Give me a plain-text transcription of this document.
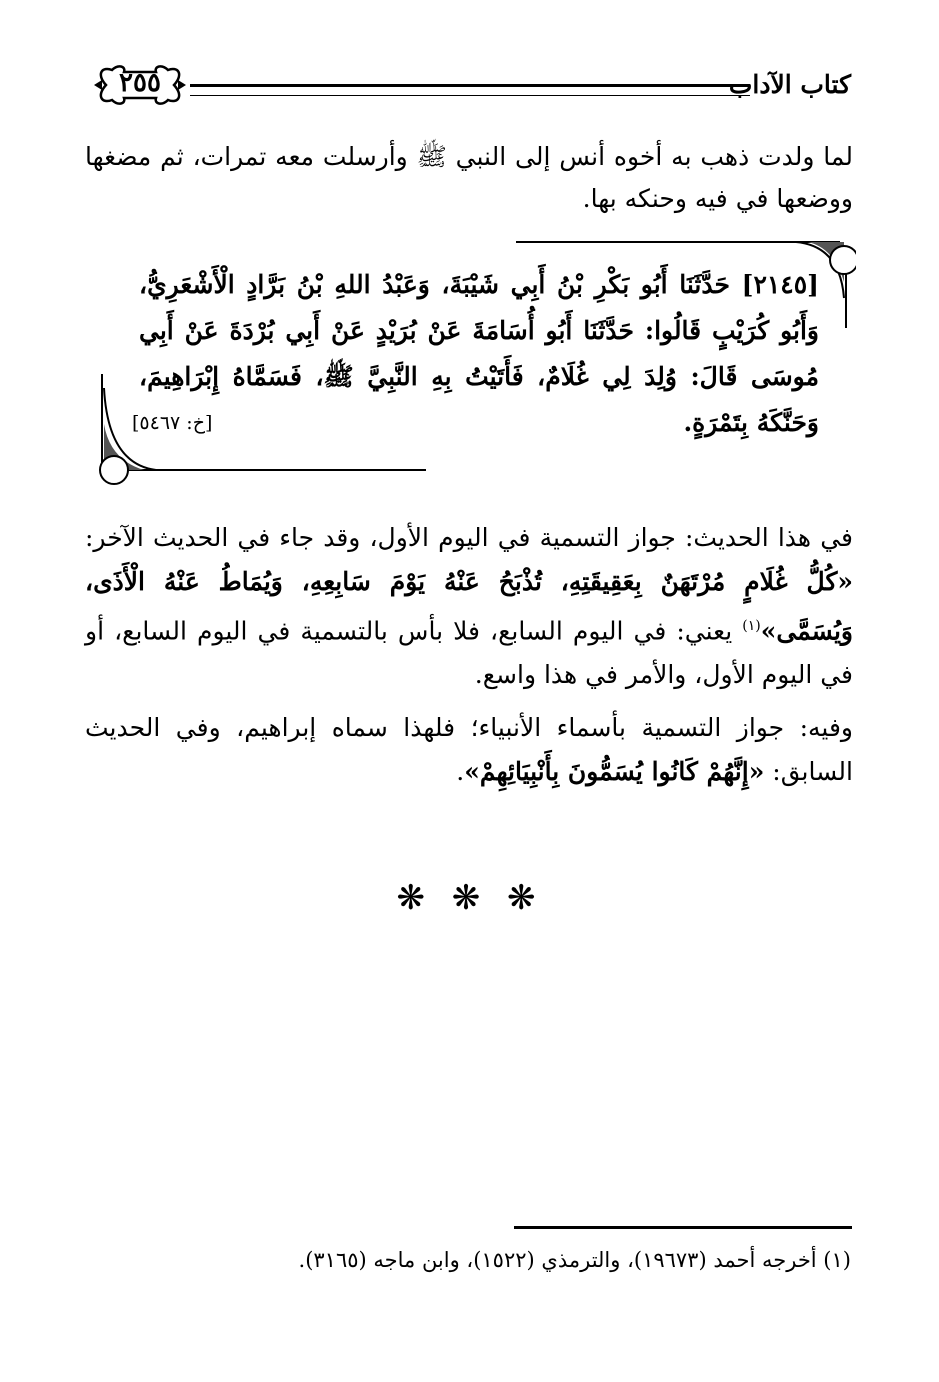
كتاب الآداب
٢٥٥
لما ولدت ذهب به أخوه أنس إلى النبي ﷺ وأرسلت معه تمرات، ثم مضغها ووضعها في فيه وحنكه بها.
[٢١٤٥] حَدَّثَنَا أَبُو بَكْرِ بْنُ أَبِي شَيْبَةَ، وَعَبْدُ اللهِ بْنُ بَرَّادٍ الْأَشْعَرِيُّ، وَأَبُو كُرَيْبٍ قَالُوا: حَدَّثَنَا أَبُو أُسَامَةَ عَنْ بُرَيْدٍ عَنْ أَبِي بُرْدَةَ عَنْ أَبِي مُوسَى قَالَ: وُلِدَ لِي غُلَامٌ، فَأَتَيْتُ بِهِ النَّبِيَّ ﷺ، فَسَمَّاهُ إِبْرَاهِيمَ، وَحَنَّكَهُ بِتَمْرَةٍ.
[خ: ٥٤٦٧]
في هذا الحديث: جواز التسمية في اليوم الأول، وقد جاء في الحديث الآخر: «كُلُّ غُلَامٍ مُرْتَهَنٌ بِعَقِيقَتِهِ، تُذْبَحُ عَنْهُ يَوْمَ سَابِعِهِ، وَيُمَاطُ عَنْهُ الْأَذَى، وَيُسَمَّى»$^{(١)}$ يعني: في اليوم السابع، فلا بأس بالتسمية في اليوم السابع، أو في اليوم الأول، والأمر في هذا واسع.
وفيه: جواز التسمية بأسماء الأنبياء؛ فلهذا سماه إبراهيم، وفي الحديث السابق: «إِنَّهُمْ كَانُوا يُسَمُّونَ بِأَنْبِيَائِهِمْ».
❋ ❋ ❋
(١) أخرجه أحمد (١٩٦٧٣)، والترمذي (١٥٢٢)، وابن ماجه (٣١٦٥).
